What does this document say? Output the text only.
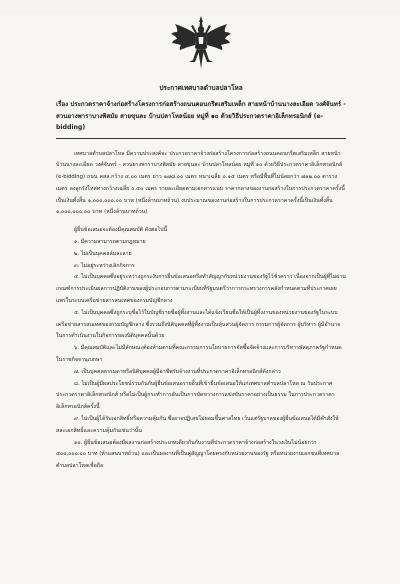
ประกาศเทศบาลตำบลปลาโหล
เรื่อง ประกวดราคาจ้างก่อสร้างโครงการก่อสร้างถนนคอนกรีตเสริมเหล็ก สายหน้าบ้านนางละเอียด วงศ์จันทร์ - สวนยางพาราบางพิสมัย สายขุนละ บ้านปลาโหลน้อย หมู่ที่ ๑๐ ด้วยวิธีประกวดราคาอิเล็กทรอนิกส์ (e-bidding)

เทศบาลตำบลปลาโหล มีความประสงค์จะ ประกวดราคาจ้างก่อสร้างโครงการก่อสร้างถนนคอนกรีตเสริมเหล็ก สายหน้าบ้านนางละเอียด วงศ์จันทร์ - สวนยางพาราบางพิสมัย สายขุนละ บ้านปลาโหลน้อย หมู่ที่ ๑๐ ด้วยวิธีประกวดราคาอิเล็กทรอนิกส์ (e-bidding) ถนน คสล.กว้าง ๔.๐๐ เมตร ยาว ๑๗๘.๐๐ เมตร หนาเฉลี่ย ๐.๑๕ เมตร หรือมีพื้นที่ไม่น้อยกว่า ๗๑๒.๐๐ ตารางเมตร ลงลูกรังไหล่ทางกว้างเฉลี่ย ๐.๕๐ เมตร รายละเอียดตามเอกสารแนบ ราคากลางของงานก่อสร้างในการประกวดราคาครั้งนี้เป็นเงินทั้งสิ้น ๑,๐๐๐,๐๐๐.๐๐ บาท (หนึ่งล้านบาทถ้วน) งบประมาณของงานก่อสร้างในการประกวดราคาครั้งนี้เป็นเงินทั้งสิ้น ๑,๐๐๐,๐๐๐.๐๐ บาท (หนึ่งล้านบาทถ้วน)

ผู้ยื่นข้อเสนอจะต้องมีคุณสมบัติ ดังต่อไปนี้

๑. มีความสามารถตามกฎหมาย
๒. ไม่เป็นบุคคลล้มละลาย
๓. ไม่อยู่ระหว่างเลิกกิจการ
๔. ไม่เป็นบุคคลซึ่งอยู่ระหว่างถูกระงับการยื่นข้อเสนอหรือทำสัญญากับหน่วยงานของรัฐไว้ชั่วคราว เนื่องจากเป็นผู้ที่ไม่ผ่านเกณฑ์การประเมินผลการปฏิบัติงานของผู้ประกอบการตามระเบียบที่รัฐมนตรีว่าการกระทรวงการคลังกำหนดตามที่ประกาศเผยแพร่ในระบบเครือข่ายสารสนเทศของกรมบัญชีกลาง
๕. ไม่เป็นบุคคลซึ่งถูกระบุชื่อไว้ในบัญชีรายชื่อผู้ทิ้งงานและได้แจ้งเวียนชื่อให้เป็นผู้ทิ้งงานของหน่วยงานของรัฐในระบบเครือข่ายสารสนเทศของกรมบัญชีกลาง ซึ่งรวมถึงนิติบุคคลที่ผู้ทิ้งงานเป็นหุ้นส่วนผู้จัดการ กรรมการผู้จัดการ ผู้บริหาร ผู้มีอำนาจในการดำเนินงานในกิจการของนิติบุคคลนั้นด้วย
๖. มีคุณสมบัติและไม่มีลักษณะต้องห้ามตามที่คณะกรรมการนโยบายการจัดซื้อจัดจ้างและการบริหารพัสดุภาครัฐกำหนดในราชกิจจานุเบกษา
๗. เป็นบุคคลธรรมดาหรือนิติบุคคลผู้มีอาชีพรับจ้างงานที่ประกวดราคาอิเล็กทรอนิกส์ดังกล่าว
๘. ไม่เป็นผู้มีผลประโยชน์ร่วมกันกับผู้ยื่นข้อเสนอรายอื่นที่เข้ายื่นข้อเสนอให้แก่เทศบาลตำบลปลาโหล ณ วันประกาศประกวดราคาอิเล็กทรอนิกส์ หรือไม่เป็นผู้กระทำการอันเป็นการขัดขวางการแข่งขันราคาอย่างเป็นธรรม ในการประกวดราคาอิเล็กทรอนิกส์ครั้งนี้
๙. ไม่เป็นผู้ได้รับเอกสิทธิ์หรือความคุ้มกัน ซึ่งอาจปฏิเสธไม่ยอมขึ้นศาลไทย เว้นแต่รัฐบาลของผู้ยื่นข้อเสนอได้มีคำสั่งให้สละเอกสิทธิ์และความคุ้มกันเช่นว่านั้น
๑๐. ผู้ยื่นข้อเสนอต้องมีผลงานก่อสร้างประเภทเดียวกันกับงานที่ประกวดราคาจ้างก่อสร้างในวงเงินไม่น้อยกว่า ๕๐๐,๐๐๐.๐๐ บาท (ห้าแสนบาทถ้วน) และเป็นผลงานที่เป็นคู่สัญญาโดยตรงกับหน่วยงานของรัฐ หรือหน่วยงานเอกชนที่เทศบาลตำบลปลาโหลเชื่อถือ
